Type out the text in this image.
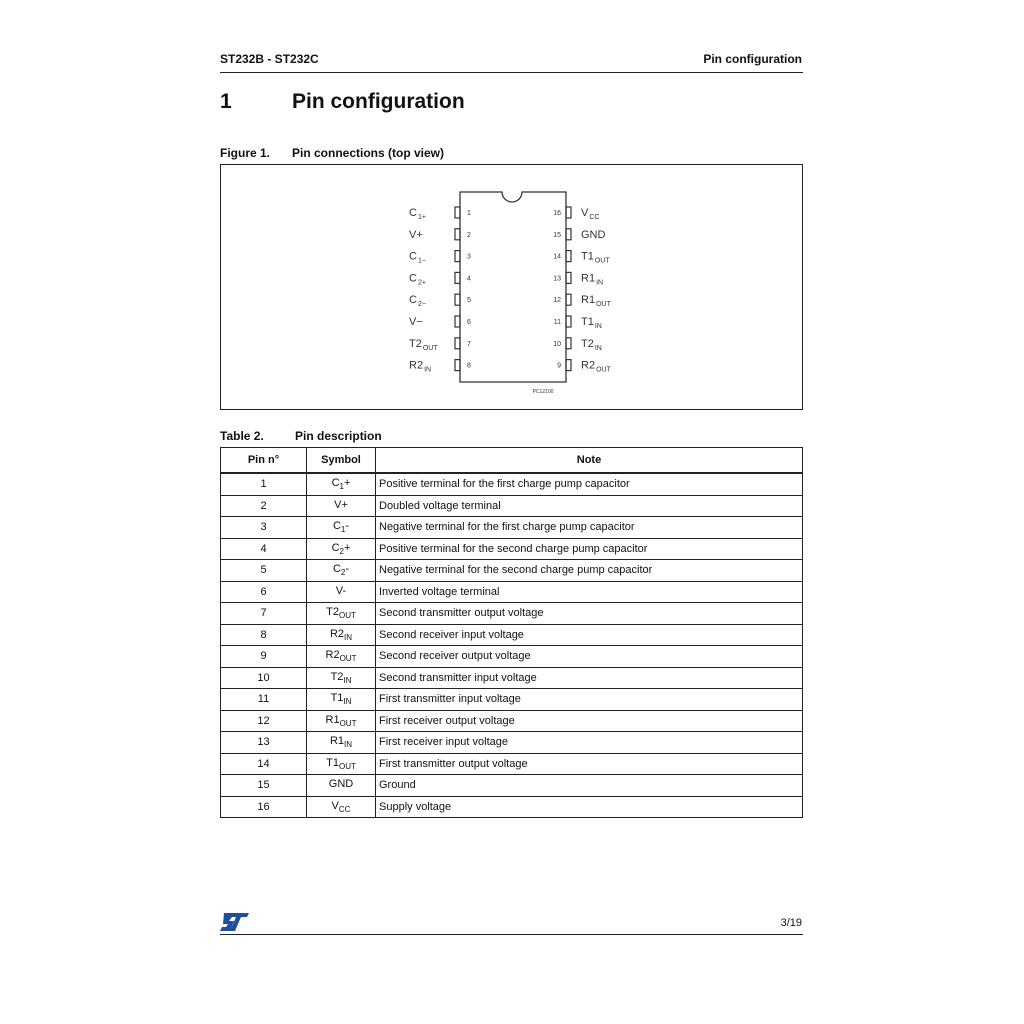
ST232B - ST232C	Pin configuration
1	Pin configuration
Figure 1. Pin connections (top view)
1
$C_{1+}$
2
V+
3
$C_{1-}$
4
$C_{2+}$
5
$C_{2-}$
6
V−
7
$T2_{OUT}$
8
$R2_{IN}$
16 $V_{CC}$
15 GND
14 $T1_{OUT}$
13 $R1_{IN}$
12 $R1_{OUT}$
11 $T1_{IN}$
10 $T2_{IN}$
9 $R2_{OUT}$
PC12100
Table 2.	Pin description
Pin n°	Symbol	Note
1	$C_1+$	Positive terminal for the first charge pump capacitor
2	V+	Doubled voltage terminal
3	$C_1-$	Negative terminal for the first charge pump capacitor
4	$C_2+$	Positive terminal for the second charge pump capacitor
5	$C_2-$	Negative terminal for the second charge pump capacitor
6	V-	Inverted voltage terminal
7	$T2_{OUT}$	Second transmitter output voltage
8	$R2_{IN}$	Second receiver input voltage
9	$R2_{OUT}$	Second receiver output voltage
10	$T2_{IN}$	Second transmitter input voltage
11	$T1_{IN}$	First transmitter input voltage
12	$R1_{OUT}$	First receiver output voltage
13	$R1_{IN}$	First receiver input voltage
14	$T1_{OUT}$	First transmitter output voltage
15	GND	Ground
16	$V_{CC}$	Supply voltage
3/19
